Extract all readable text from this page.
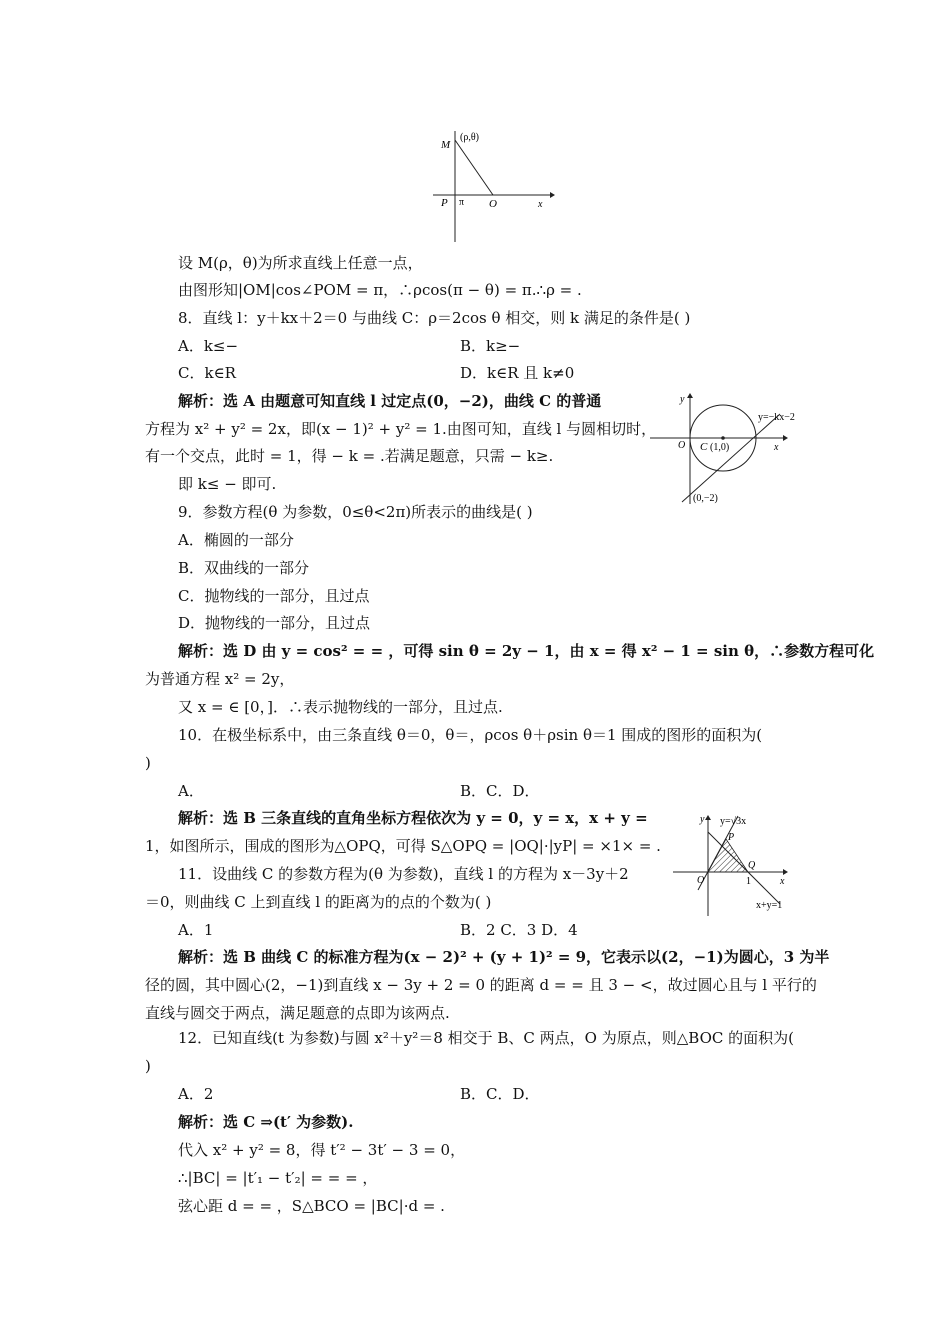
M
(ρ,θ)
P π O	x
设 M(ρ，θ)为所求直线上任意一点，
由图形知|OM|cos∠POM = π，∴ρcos(π − θ) = π.∴ρ = .
8．直线 l：y＋kx＋2＝0 与曲线 C：ρ＝2cos θ 相交，则 k 满足的条件是( )
A．k≤−	B．k≥−
C．k∈R	D．k∈R 且 k≠0
解析：选 A 由题意可知直线 l 过定点(0，−2)，曲线 C 的普通
方程为 x² + y² = 2x，即(x − 1)² + y² = 1.由图可知，直线 l 与圆相切时，
有一个交点，此时 = 1，得 − k = .若满足题意，只需 − k≥.
即 k≤ − 即可.
y
y=−kx−2
O C (1,0)	x
(0,−2)
9．参数方程(θ 为参数，0≤θ<2π)所表示的曲线是( )
A．椭圆的一部分
B．双曲线的一部分
C．抛物线的一部分，且过点
D．抛物线的一部分，且过点
解析：选 D 由 y = cos² = = ，可得 sin θ = 2y − 1，由 x = 得 x² − 1 = sin θ，∴参数方程可化
为普通方程 x² = 2y，
又 x = ∈ [0，]．∴表示抛物线的一部分，且过点.
10．在极坐标系中，由三条直线 θ＝0，θ＝，ρcos θ＋ρsin θ＝1 围成的图形的面积为(
)
A．	B．C．D．
解析：选 B 三条直线的直角坐标方程依次为 y = 0，y = x，x + y =
1，如图所示，围成的图形为△OPQ，可得 S△OPQ = |OQ|·|yP| = ×1× = .
y y=√3x
P
Q
O	1	x
x+y=1
11．设曲线 C 的参数方程为(θ 为参数)，直线 l 的方程为 x－3y＋2
＝0，则曲线 C 上到直线 l 的距离为的点的个数为( )
A．1	B．2 C．3 D．4
解析：选 B 曲线 C 的标准方程为(x − 2)² + (y + 1)² = 9，它表示以(2，−1)为圆心，3 为半
径的圆，其中圆心(2，−1)到直线 x − 3y + 2 = 0 的距离 d = = 且 3 − <，故过圆心且与 l 平行的
直线与圆交于两点，满足题意的点即为该两点.
12．已知直线(t 为参数)与圆 x²＋y²＝8 相交于 B、C 两点，O 为原点，则△BOC 的面积为(
)
A．2	B．C．D．
解析：选 C ⇒(t′ 为参数).
代入 x² + y² = 8，得 t′² − 3t′ − 3 = 0，
∴|BC| = |t′₁ − t′₂| = = = ，
弦心距 d = = ，S△BCO = |BC|·d = .
